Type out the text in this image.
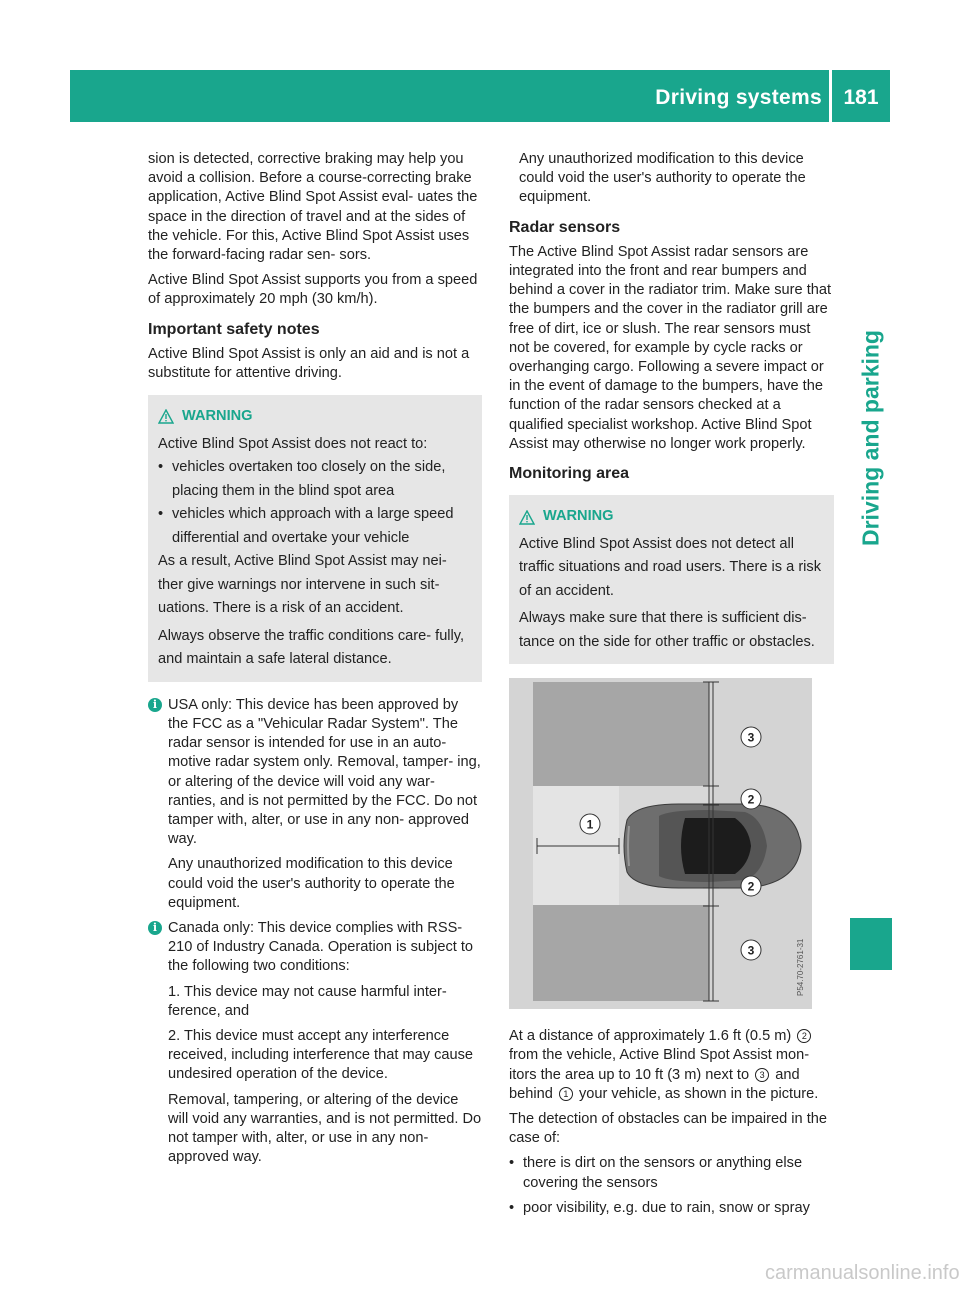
Driving systems	181
Driving and parking

sion is detected, corrective braking may help you avoid a collision. Before a course-correcting brake application, Active Blind Spot Assist eval- uates the space in the direction of travel and at the sides of the vehicle. For this, Active Blind Spot Assist uses the forward-facing radar sen- sors.

Active Blind Spot Assist supports you from a speed of approximately 20 mph (30 km/h).

Important safety notes

Active Blind Spot Assist is only an aid and is not a substitute for attentive driving.

WARNING
Active Blind Spot Assist does not react to:
• vehicles overtaken too closely on the side, placing them in the blind spot area
• vehicles which approach with a large speed differential and overtake your vehicle
As a result, Active Blind Spot Assist may nei- ther give warnings nor intervene in such sit- uations. There is a risk of an accident.
Always observe the traffic conditions care- fully, and maintain a safe lateral distance.
i USA only: This device has been approved by the FCC as a "Vehicular Radar System". The radar sensor is intended for use in an auto- motive radar system only. Removal, tamper- ing, or altering of the device will void any war- ranties, and is not permitted by the FCC. Do not tamper with, alter, or use in any non- approved way.

Any unauthorized modification to this device could void the user's authority to operate the equipment.

i Canada only: This device complies with RSS-210 of Industry Canada. Operation is subject to the following two conditions:

1. This device may not cause harmful inter- ference, and

2. This device must accept any interference received, including interference that may cause undesired operation of the device.

Removal, tampering, or altering of the device will void any warranties, and is not permitted. Do not tamper with, alter, or use in any non- approved way.

Any unauthorized modification to this device could void the user's authority to operate the equipment.

Radar sensors

The Active Blind Spot Assist radar sensors are integrated into the front and rear bumpers and behind a cover in the radiator trim. Make sure that the bumpers and the cover in the radiator grill are free of dirt, ice or slush. The rear sensors must not be covered, for example by cycle racks or overhanging cargo. Following a severe impact or in the event of damage to the bumpers, have the function of the radar sensors checked at a qualified specialist workshop. Active Blind Spot Assist may otherwise no longer work properly.

Monitoring area
WARNING
Active Blind Spot Assist does not detect all traffic situations and road users. There is a risk of an accident.
Always make sure that there is sufficient dis- tance on the side for other traffic or obstacles.
1
2
2
3
3	P54.70-2761-31

At a distance of approximately 1.6 ft (0.5 m) 2 from the vehicle, Active Blind Spot Assist mon- itors the area up to 10 ft (3 m) next to 3 and behind 1 your vehicle, as shown in the picture.

The detection of obstacles can be impaired in the case of:

• there is dirt on the sensors or anything else covering the sensors
• poor visibility, e.g. due to rain, snow or spray
carmanualsonline.info
